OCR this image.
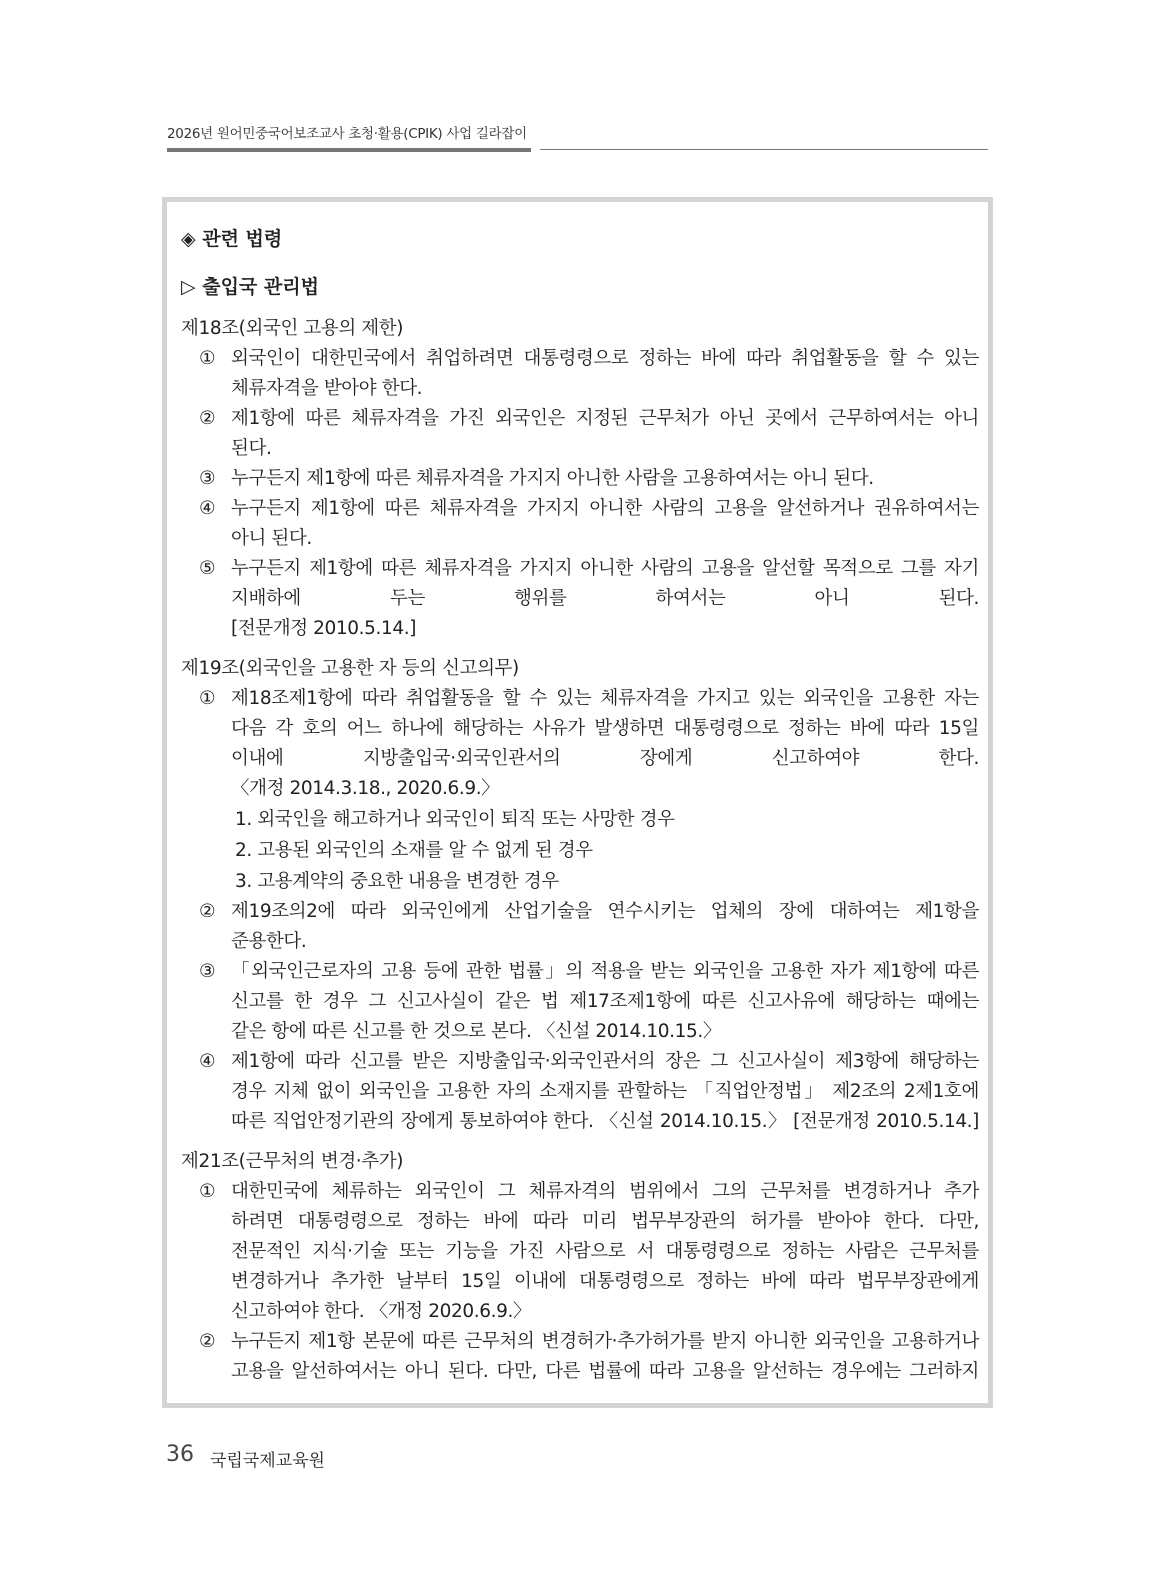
2026년 원어민중국어보조교사 초청·활용(CPIK) 사업 길라잡이
◈ 관련 법령
▷ 출입국 관리법
제18조(외국인 고용의 제한)
① 외국인이 대한민국에서 취업하려면 대통령령으로 정하는 바에 따라 취업활동을 할 수 있는
체류자격을 받아야 한다.
② 제1항에 따른 체류자격을 가진 외국인은 지정된 근무처가 아닌 곳에서 근무하여서는 아니
된다.
③ 누구든지 제1항에 따른 체류자격을 가지지 아니한 사람을 고용하여서는 아니 된다.
④ 누구든지 제1항에 따른 체류자격을 가지지 아니한 사람의 고용을 알선하거나 권유하여서는
아니 된다.
⑤ 누구든지 제1항에 따른 체류자격을 가지지 아니한 사람의 고용을 알선할 목적으로 그를 자기
지배하에 두는 행위를 하여서는 아니 된다.
[전문개정 2010.5.14.]
제19조(외국인을 고용한 자 등의 신고의무)
① 제18조제1항에 따라 취업활동을 할 수 있는 체류자격을 가지고 있는 외국인을 고용한 자는
다음 각 호의 어느 하나에 해당하는 사유가 발생하면 대통령령으로 정하는 바에 따라 15일
이내에 지방출입국·외국인관서의 장에게 신고하여야 한다.
〈개정 2014.3.18., 2020.6.9.〉
1. 외국인을 해고하거나 외국인이 퇴직 또는 사망한 경우
2. 고용된 외국인의 소재를 알 수 없게 된 경우
3. 고용계약의 중요한 내용을 변경한 경우
② 제19조의2에 따라 외국인에게 산업기술을 연수시키는 업체의 장에 대하여는 제1항을
준용한다.
③ 「외국인근로자의 고용 등에 관한 법률」의 적용을 받는 외국인을 고용한 자가 제1항에 따른
신고를 한 경우 그 신고사실이 같은 법 제17조제1항에 따른 신고사유에 해당하는 때에는
같은 항에 따른 신고를 한 것으로 본다. 〈신설 2014.10.15.〉
④ 제1항에 따라 신고를 받은 지방출입국·외국인관서의 장은 그 신고사실이 제3항에 해당하는
경우 지체 없이 외국인을 고용한 자의 소재지를 관할하는 「직업안정법」 제2조의 2제1호에
따른 직업안정기관의 장에게 통보하여야 한다. 〈신설 2014.10.15.〉 [전문개정 2010.5.14.]
제21조(근무처의 변경·추가)
① 대한민국에 체류하는 외국인이 그 체류자격의 범위에서 그의 근무처를 변경하거나 추가
하려면 대통령령으로 정하는 바에 따라 미리 법무부장관의 허가를 받아야 한다. 다만,
전문적인 지식·기술 또는 기능을 가진 사람으로 서 대통령령으로 정하는 사람은 근무처를
변경하거나 추가한 날부터 15일 이내에 대통령령으로 정하는 바에 따라 법무부장관에게
신고하여야 한다. 〈개정 2020.6.9.〉
② 누구든지 제1항 본문에 따른 근무처의 변경허가·추가허가를 받지 아니한 외국인을 고용하거나
고용을 알선하여서는 아니 된다. 다만, 다른 법률에 따라 고용을 알선하는 경우에는 그러하지
36 국립국제교육원
